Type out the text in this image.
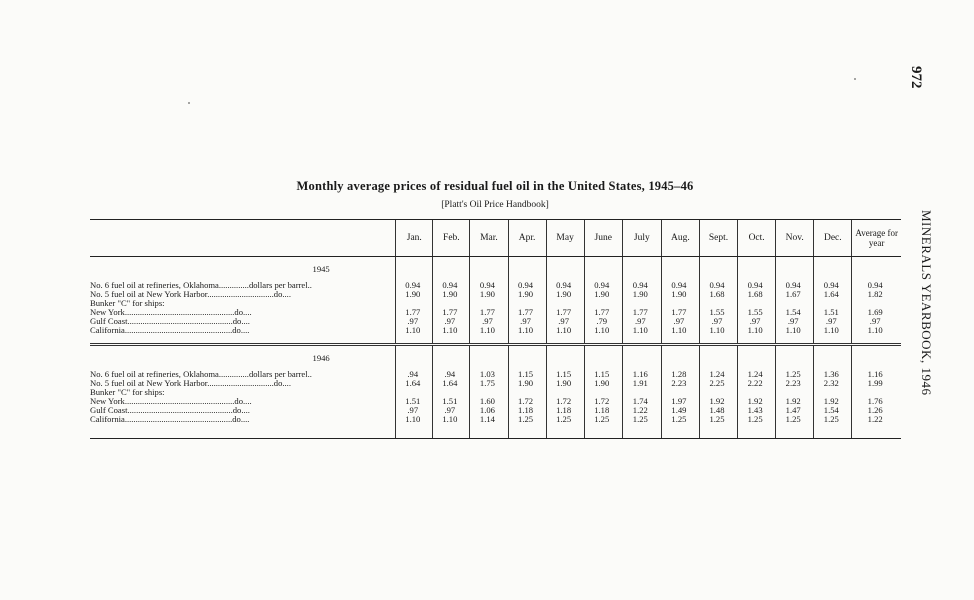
972
MINERALS YEARBOOK, 1946
Monthly average prices of residual fuel oil in the United States, 1945–46
[Platt's Oil Price Handbook]
	Jan.	Feb.	Mar.	Apr.	May	June	July	Aug.	Sept.	Oct.	Nov.	Dec.	Average for year
1945													
No. 6 fuel oil at refineries, Oklahoma..............dollars per barrel..	0.94	0.94	0.94	0.94	0.94	0.94	0.94	0.94	0.94	0.94	0.94	0.94	0.94
No. 5 fuel oil at New York Harbor...............................do....	1.90	1.90	1.90	1.90	1.90	1.90	1.90	1.90	1.68	1.68	1.67	1.64	1.82
Bunker "C" for ships:													
New York...................................................do....	1.77	1.77	1.77	1.77	1.77	1.77	1.77	1.77	1.55	1.55	1.54	1.51	1.69
Gulf Coast.................................................do....	.97	.97	.97	.97	.97	.79	.97	.97	.97	.97	.97	.97	.97
California..................................................do....	1.10	1.10	1.10	1.10	1.10	1.10	1.10	1.10	1.10	1.10	1.10	1.10	1.10

1946													
No. 6 fuel oil at refineries, Oklahoma..............dollars per barrel..	.94	.94	1.03	1.15	1.15	1.15	1.16	1.28	1.24	1.24	1.25	1.36	1.16
No. 5 fuel oil at New York Harbor...............................do....	1.64	1.64	1.75	1.90	1.90	1.90	1.91	2.23	2.25	2.22	2.23	2.32	1.99
Bunker "C" for ships:													
New York...................................................do....	1.51	1.51	1.60	1.72	1.72	1.72	1.74	1.97	1.92	1.92	1.92	1.92	1.76
Gulf Coast.................................................do....	.97	.97	1.06	1.18	1.18	1.18	1.22	1.49	1.48	1.43	1.47	1.54	1.26
California..................................................do....	1.10	1.10	1.14	1.25	1.25	1.25	1.25	1.25	1.25	1.25	1.25	1.25	1.22
